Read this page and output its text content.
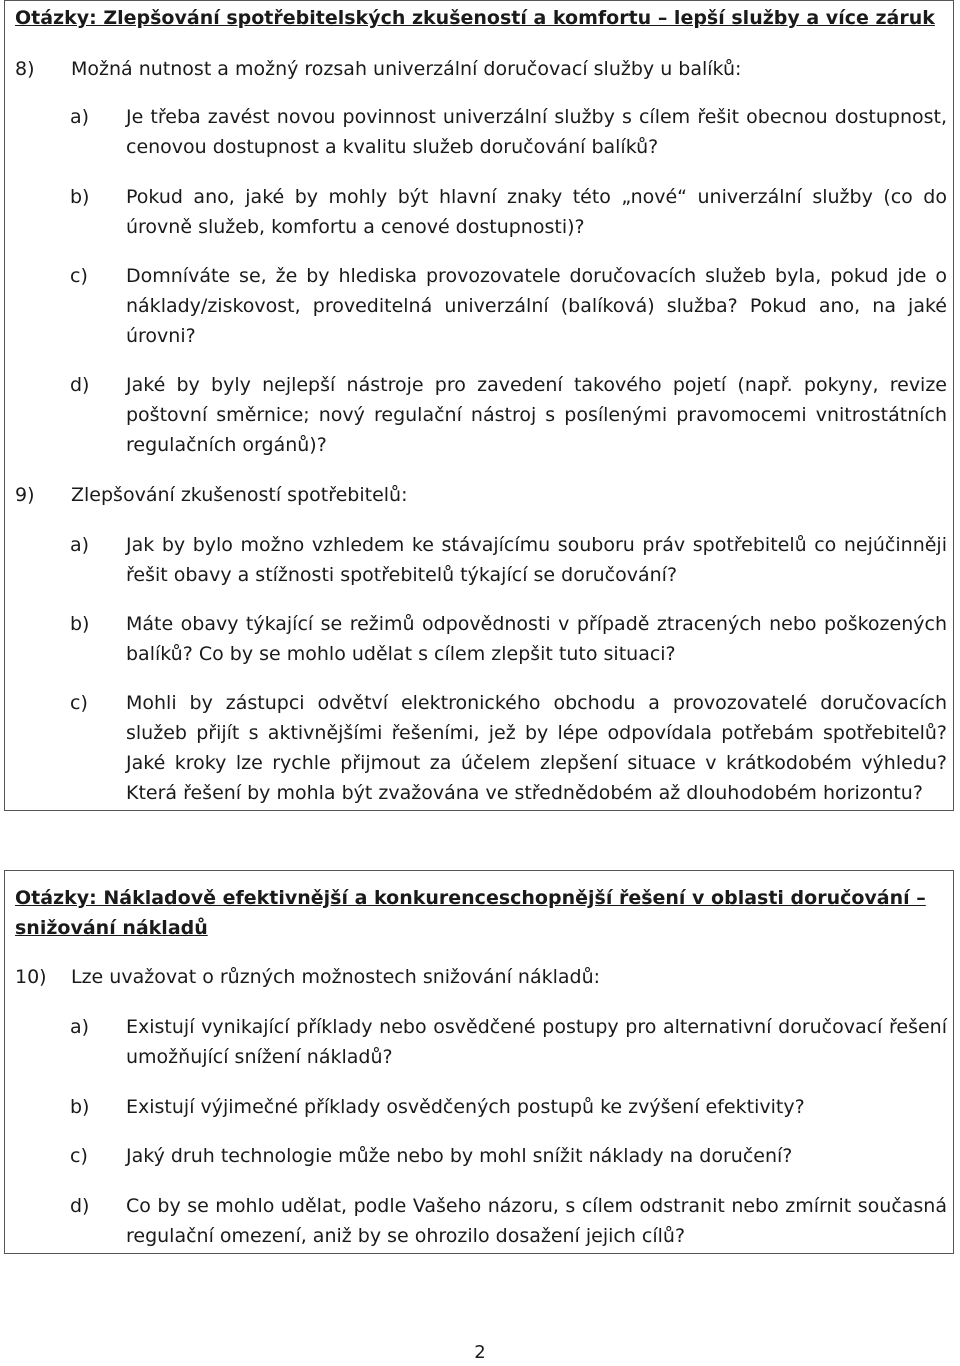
Otázky: Zlepšování spotřebitelských zkušeností a komfortu – lepší služby a více záruk
8) Možná nutnost a možný rozsah univerzální doručovací služby u balíků:
a)	Je třeba zavést novou povinnost univerzální služby s cílem řešit obecnou dostupnost, cenovou dostupnost a kvalitu služeb doručování balíků?

b)	Pokud ano, jaké by mohly být hlavní znaky této „nové“ univerzální služby (co do úrovně služeb, komfortu a cenové dostupnosti)?

c)	Domníváte se, že by hlediska provozovatele doručovacích služeb byla, pokud jde o náklady/ziskovost, proveditelná univerzální (balíková) služba? Pokud ano, na jaké úrovni?

d)	Jaké by byly nejlepší nástroje pro zavedení takového pojetí (např. pokyny, revize poštovní směrnice; nový regulační nástroj s posílenými pravomocemi vnitrostátních regulačních orgánů)?

9) Zlepšování zkušeností spotřebitelů:
a)	Jak by bylo možno vzhledem ke stávajícímu souboru práv spotřebitelů co nejúčinněji řešit obavy a stížnosti spotřebitelů týkající se doručování?

b)	Máte obavy týkající se režimů odpovědnosti v případě ztracených nebo poškozených balíků? Co by se mohlo udělat s cílem zlepšit tuto situaci?

c)	Mohli by zástupci odvětví elektronického obchodu a provozovatelé doručovacích služeb přijít s aktivnějšími řešeními, jež by lépe odpovídala potřebám spotřebitelů? Jaké kroky lze rychle přijmout za účelem zlepšení situace v krátkodobém výhledu? Která řešení by mohla být zvažována ve střednědobém až dlouhodobém horizontu?

Otázky: Nákladově efektivnější a konkurenceschopnější řešení v oblasti doručování – snižování nákladů
10) Lze uvažovat o různých možnostech snižování nákladů:
a)	Existují vynikající příklady nebo osvědčené postupy pro alternativní doručovací řešení umožňující snížení nákladů?

b)	Existují výjimečné příklady osvědčených postupů ke zvýšení efektivity?

c)	Jaký druh technologie může nebo by mohl snížit náklady na doručení?

d)	Co by se mohlo udělat, podle Vašeho názoru, s cílem odstranit nebo zmírnit současná regulační omezení, aniž by se ohrozilo dosažení jejich cílů?

2
